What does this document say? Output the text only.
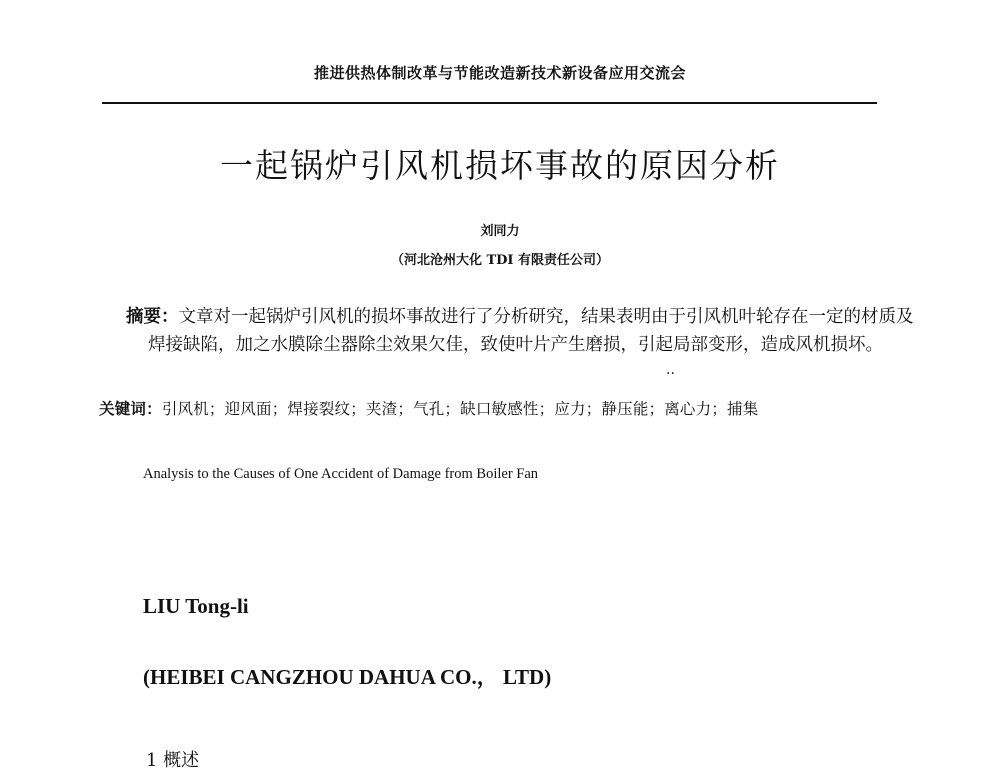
推进供热体制改革与节能改造新技术新设备应用交流会
一起锅炉引风机损坏事故的原因分析
刘同力
（河北沧州大化 TDI 有限责任公司）
摘要：文章对一起锅炉引风机的损坏事故进行了分析研究，结果表明由于引风机叶轮存在一定的材质及焊接缺陷，加之水膜除尘器除尘效果欠佳，致使叶片产生磨损，引起局部变形，造成风机损坏。
..
关键词：引风机；迎风面；焊接裂纹；夹渣；气孔；缺口敏感性；应力；静压能；离心力；捕集
Analysis to the Causes of One Accident of Damage from Boiler Fan
LIU Tong-li
(HEIBEI CANGZHOU DAHUA CO.， LTD)
1 概述
